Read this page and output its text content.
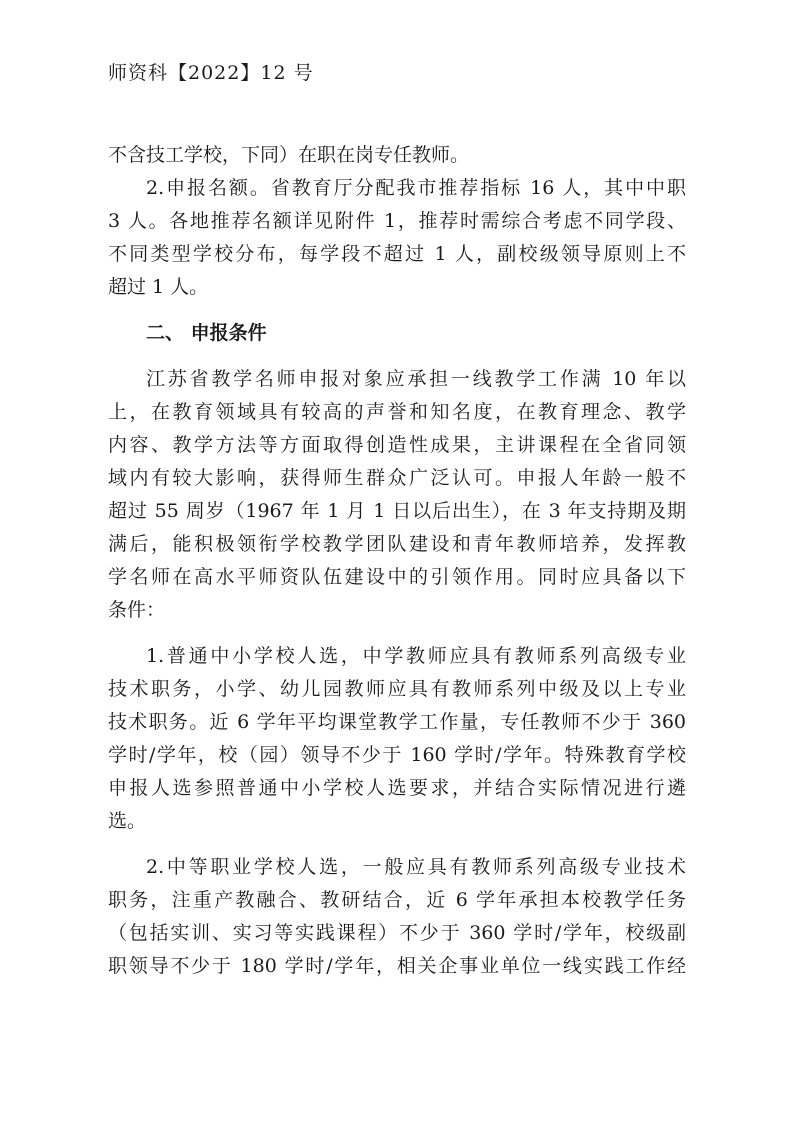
师资科【2022】12 号
不含技工学校，下同）在职在岗专任教师。
2.申报名额。省教育厅分配我市推荐指标 16 人，其中中职
3 人。各地推荐名额详见附件 1，推荐时需综合考虑不同学段、
不同类型学校分布，每学段不超过 1 人，副校级领导原则上不
超过 1 人。
二、 申报条件
江苏省教学名师申报对象应承担一线教学工作满 10 年以
上，在教育领域具有较高的声誉和知名度，在教育理念、教学
内容、教学方法等方面取得创造性成果，主讲课程在全省同领
域内有较大影响，获得师生群众广泛认可。申报人年龄一般不
超过 55 周岁（1967 年 1 月 1 日以后出生），在 3 年支持期及期
满后，能积极领衔学校教学团队建设和青年教师培养，发挥教
学名师在高水平师资队伍建设中的引领作用。同时应具备以下
条件：
1.普通中小学校人选，中学教师应具有教师系列高级专业
技术职务，小学、幼儿园教师应具有教师系列中级及以上专业
技术职务。近 6 学年平均课堂教学工作量，专任教师不少于 360
学时/学年，校（园）领导不少于 160 学时/学年。特殊教育学校
申报人选参照普通中小学校人选要求，并结合实际情况进行遴
选。
2.中等职业学校人选，一般应具有教师系列高级专业技术
职务，注重产教融合、教研结合，近 6 学年承担本校教学任务
（包括实训、实习等实践课程）不少于 360 学时/学年，校级副
职领导不少于 180 学时/学年，相关企事业单位一线实践工作经
